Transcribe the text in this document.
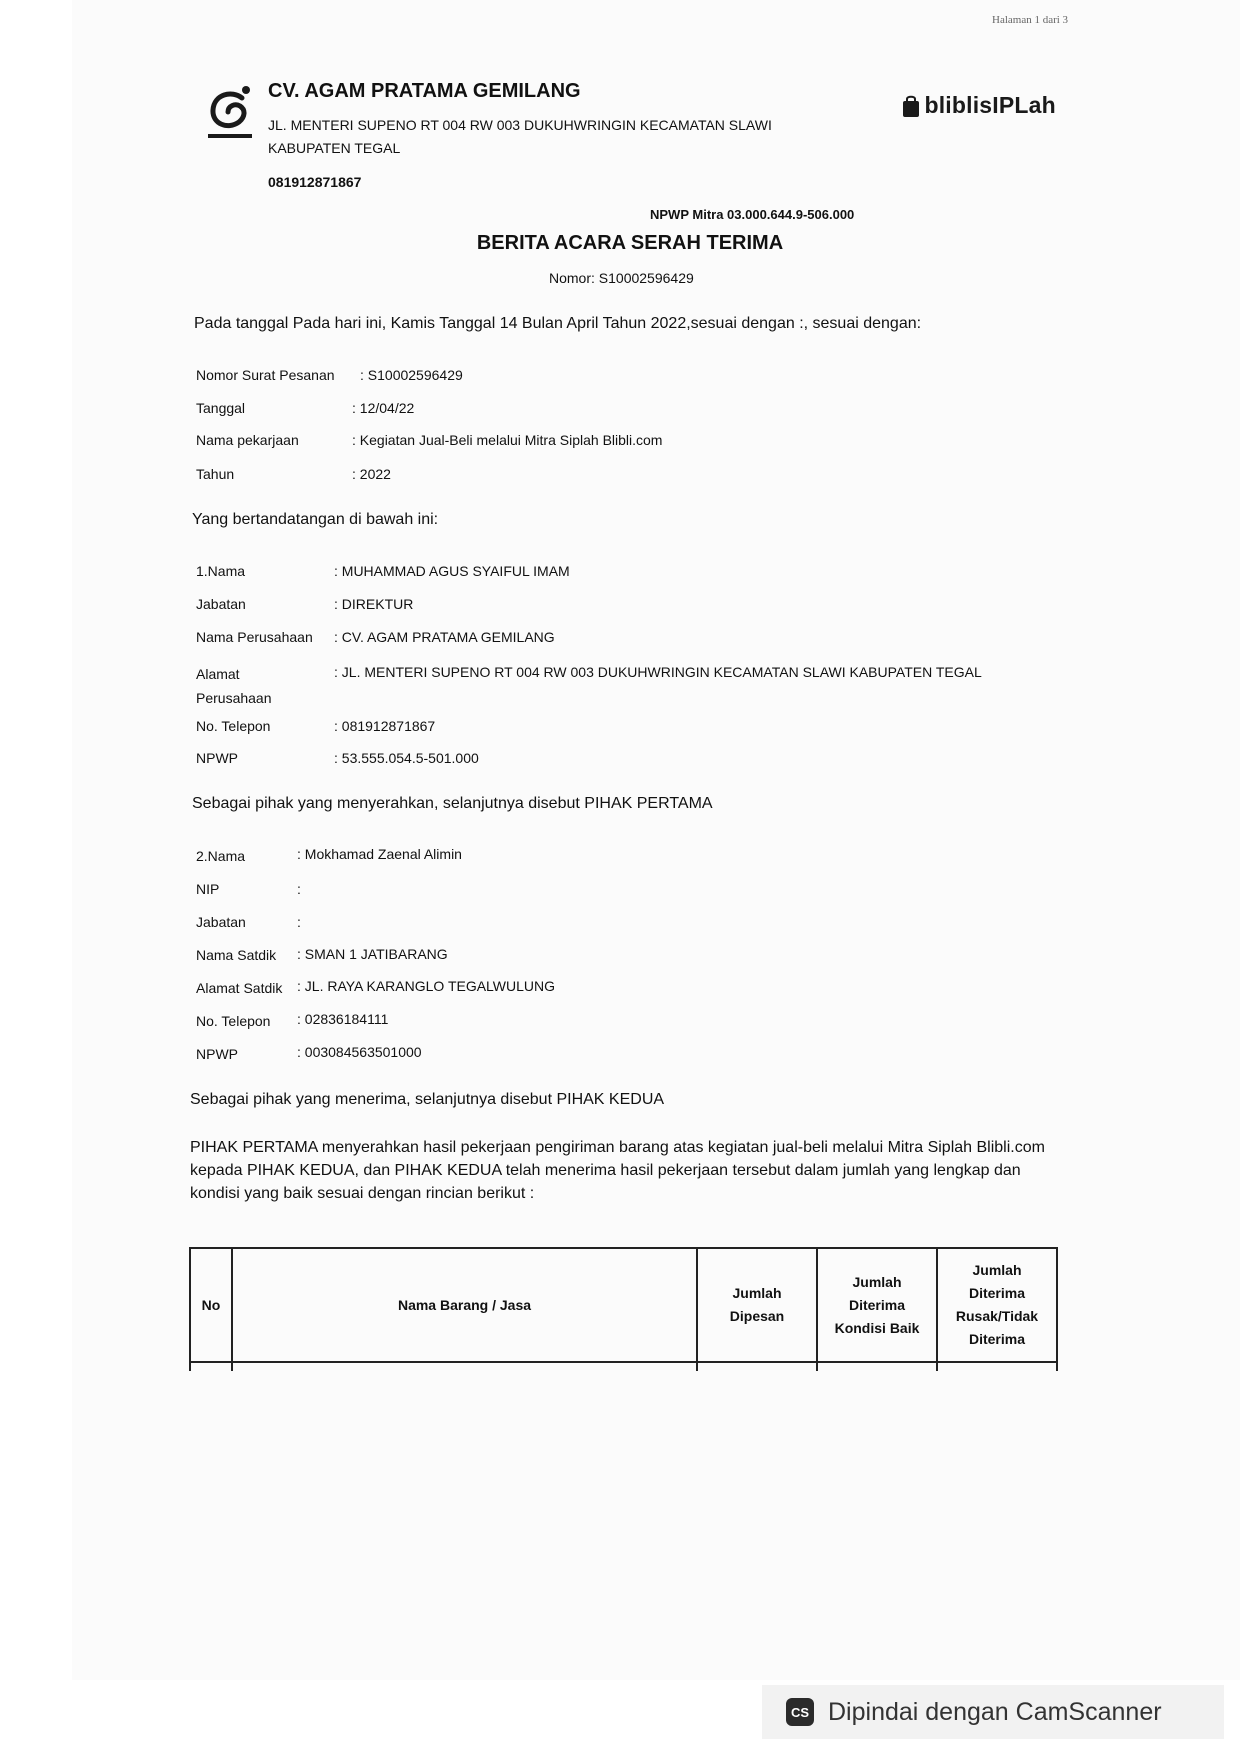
Halaman 1 dari 3
CV. AGAM PRATAMA GEMILANG
JL. MENTERI SUPENO RT 004 RW 003 DUKUHWRINGIN KECAMATAN SLAWI KABUPATEN TEGAL
081912871867
bliblisIPLah
NPWP Mitra 03.000.644.9-506.000
BERITA ACARA SERAH TERIMA
Nomor: S10002596429
Pada tanggal Pada hari ini, Kamis Tanggal 14 Bulan April Tahun 2022,sesuai dengan :, sesuai dengan:
Nomor Surat Pesanan : S10002596429
Tanggal	: 12/04/22
Nama pekarjaan	: Kegiatan Jual-Beli melalui Mitra Siplah Blibli.com
Tahun	: 2022
Yang bertandatangan di bawah ini:
1.Nama	: MUHAMMAD AGUS SYAIFUL IMAM
Jabatan	: DIREKTUR
Nama Perusahaan : CV. AGAM PRATAMA GEMILANG
Alamat Perusahaan
: JL. MENTERI SUPENO RT 004 RW 003 DUKUHWRINGIN KECAMATAN SLAWI KABUPATEN TEGAL
No. Telepon	: 081912871867
NPWP	: 53.555.054.5-501.000
Sebagai pihak yang menyerahkan, selanjutnya disebut PIHAK PERTAMA
2.Nama	: Mokhamad Zaenal Alimin
NIP	:
Jabatan	:
Nama Satdik : SMAN 1 JATIBARANG
Alamat Satdik : JL. RAYA KARANGLO TEGALWULUNG
No. Telepon : 02836184111
NPWP	: 003084563501000
Sebagai pihak yang menerima, selanjutnya disebut PIHAK KEDUA
PIHAK PERTAMA menyerahkan hasil pekerjaan pengiriman barang atas kegiatan jual-beli melalui Mitra Siplah Blibli.com kepada PIHAK KEDUA, dan PIHAK KEDUA telah menerima hasil pekerjaan tersebut dalam jumlah yang lengkap dan kondisi yang baik sesuai dengan rincian berikut :
No	Nama Barang / Jasa	Jumlah Dipesan	Jumlah Diterima Kondisi Baik	Jumlah Diterima Rusak/Tidak Diterima

CS Dipindai dengan CamScanner
